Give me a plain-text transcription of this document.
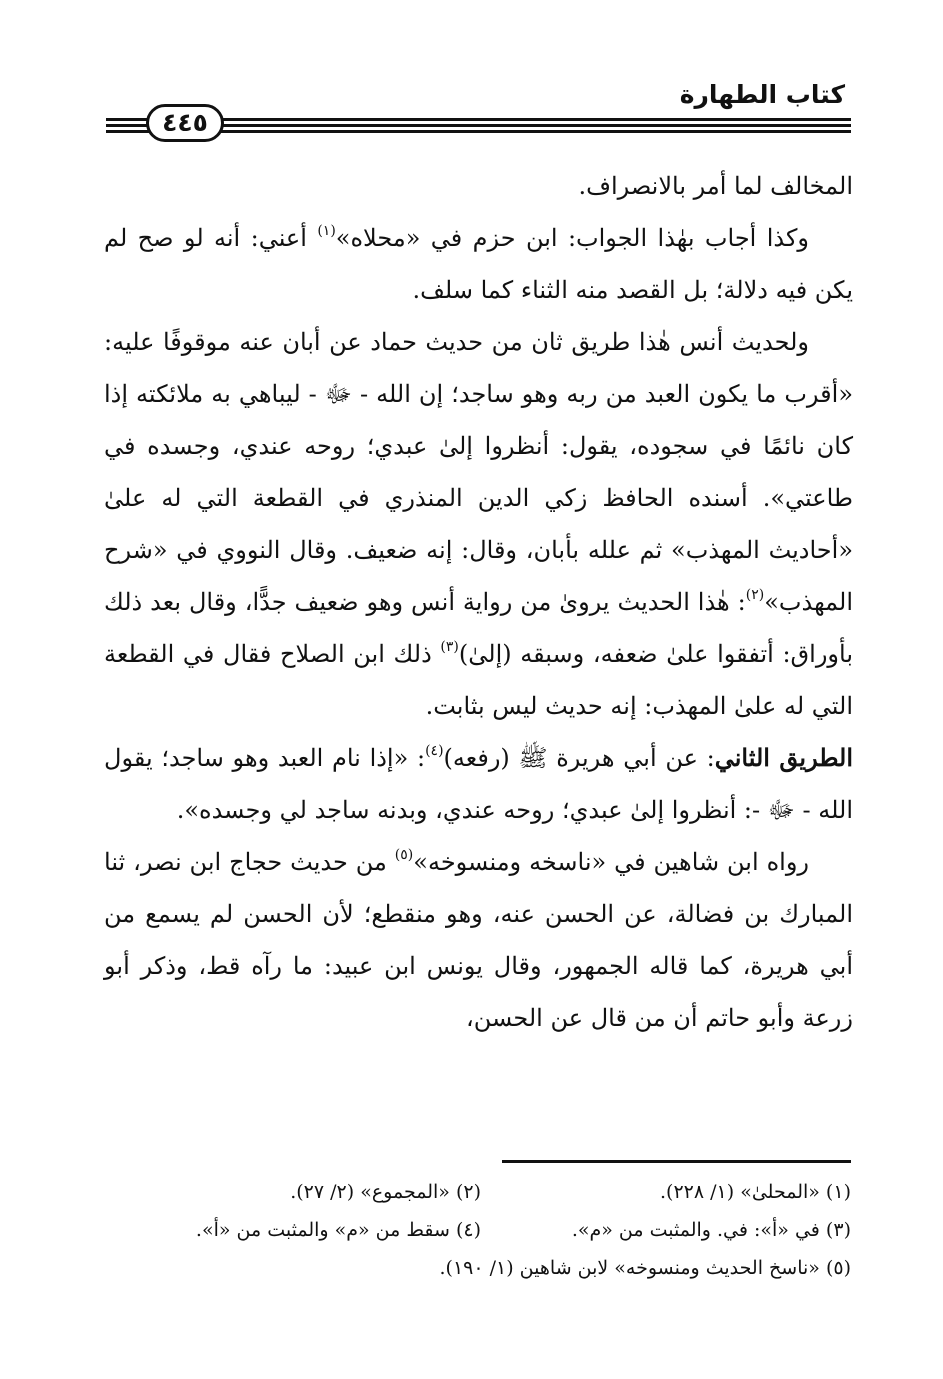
كتاب الطهارة
٤٤٥

المخالف لما أمر بالانصراف.

وكذا أجاب بهٰذا الجواب: ابن حزم في «محلاه»$^{(١)}$ أعني: أنه لو صح لم يكن فيه دلالة؛ بل القصد منه الثناء كما سلف.

ولحديث أنس هٰذا طريق ثان من حديث حماد عن أبان عنه موقوفًا عليه: «أقرب ما يكون العبد من ربه وهو ساجد؛ إن الله - ﷻ - ليباهي به ملائكته إذا كان نائمًا في سجوده، يقول: أنظروا إلىٰ عبدي؛ روحه عندي، وجسده في طاعتي». أسنده الحافظ زكي الدين المنذري في القطعة التي له علىٰ «أحاديث المهذب» ثم علله بأبان، وقال: إنه ضعيف. وقال النووي في «شرح المهذب»$^{(٢)}$: هٰذا الحديث يروىٰ من رواية أنس وهو ضعيف جدًّا، وقال بعد ذلك بأوراق: أتفقوا علىٰ ضعفه، وسبقه (إلىٰ)$^{(٣)}$ ذلك ابن الصلاح فقال في القطعة التي له علىٰ المهذب: إنه حديث ليس بثابت.

الطريق الثاني: عن أبي هريرة ﷺ (رفعه)$^{(٤)}$: «إذا نام العبد وهو ساجد؛ يقول الله - ﷻ -: أنظروا إلىٰ عبدي؛ روحه عندي، وبدنه ساجد لي وجسده».

رواه ابن شاهين في «ناسخه ومنسوخه»$^{(٥)}$ من حديث حجاج ابن نصر، ثنا المبارك بن فضالة، عن الحسن عنه، وهو منقطع؛ لأن الحسن لم يسمع من أبي هريرة، كما قاله الجمهور، وقال يونس ابن عبيد: ما رآه قط، وذكر أبو زرعة وأبو حاتم أن من قال عن الحسن،

(١) «المحلىٰ» (١/ ٢٢٨).
(٢) «المجموع» (٢/ ٢٧).
(٣) في «أ»: في. والمثبت من «م».
(٤) سقط من «م» والمثبت من «أ».
(٥) «ناسخ الحديث ومنسوخه» لابن شاهين (١/ ١٩٠).
